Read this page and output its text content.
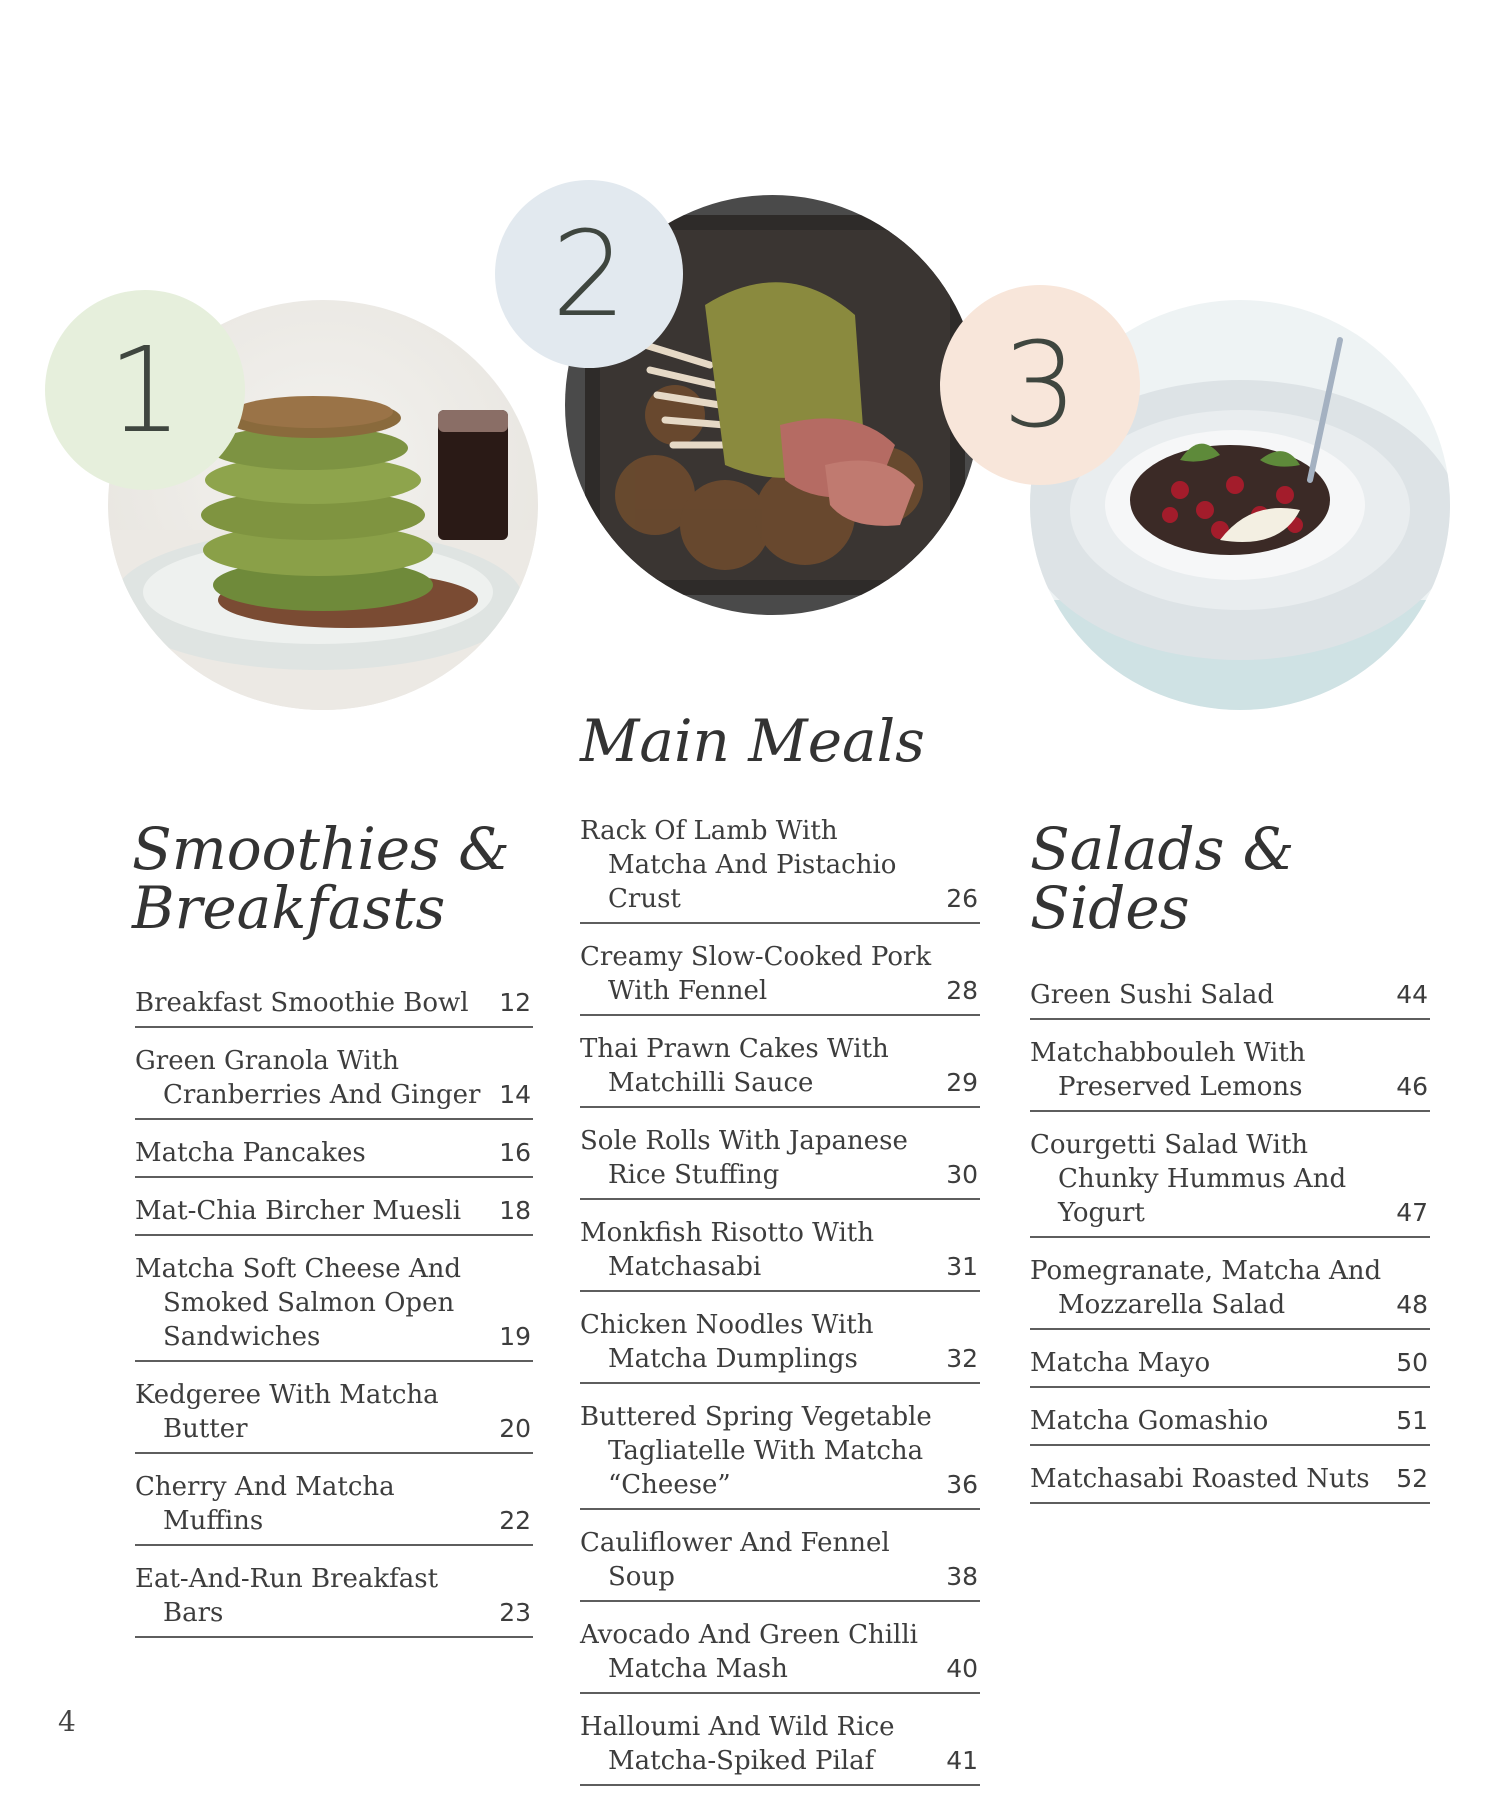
1
2
3
Smoothies & Breakfasts
Main Meals
Salads & Sides
Breakfast Smoothie Bowl	12
Green Granola With Cranberries And Ginger 14
Matcha Pancakes	16
Mat-Chia Bircher Muesli	18
Matcha Soft Cheese And Smoked Salmon Open Sandwiches	19
Kedgeree With Matcha Butter	20
Cherry And Matcha Muffins	22
Eat-And-Run Breakfast Bars	23
Rack Of Lamb With Matcha And Pistachio Crust	26
Creamy Slow-Cooked Pork With Fennel	28
Thai Prawn Cakes With Matchilli Sauce	29
Sole Rolls With Japanese Rice Stuffing	30
Monkfish Risotto With Matchasabi	31
Chicken Noodles With Matcha Dumplings	32
Buttered Spring Vegetable Tagliatelle With Matcha “Cheese”	36
Cauliflower And Fennel Soup	38
Avocado And Green Chilli Matcha Mash	40
Halloumi And Wild Rice Matcha-Spiked Pilaf	41
Green Sushi Salad	44
Matchabbouleh With Preserved Lemons	46
Courgetti Salad With Chunky Hummus And Yogurt	47
Pomegranate, Matcha And Mozzarella Salad	48
Matcha Mayo	50
Matcha Gomashio	51
Matchasabi Roasted Nuts	52
4
